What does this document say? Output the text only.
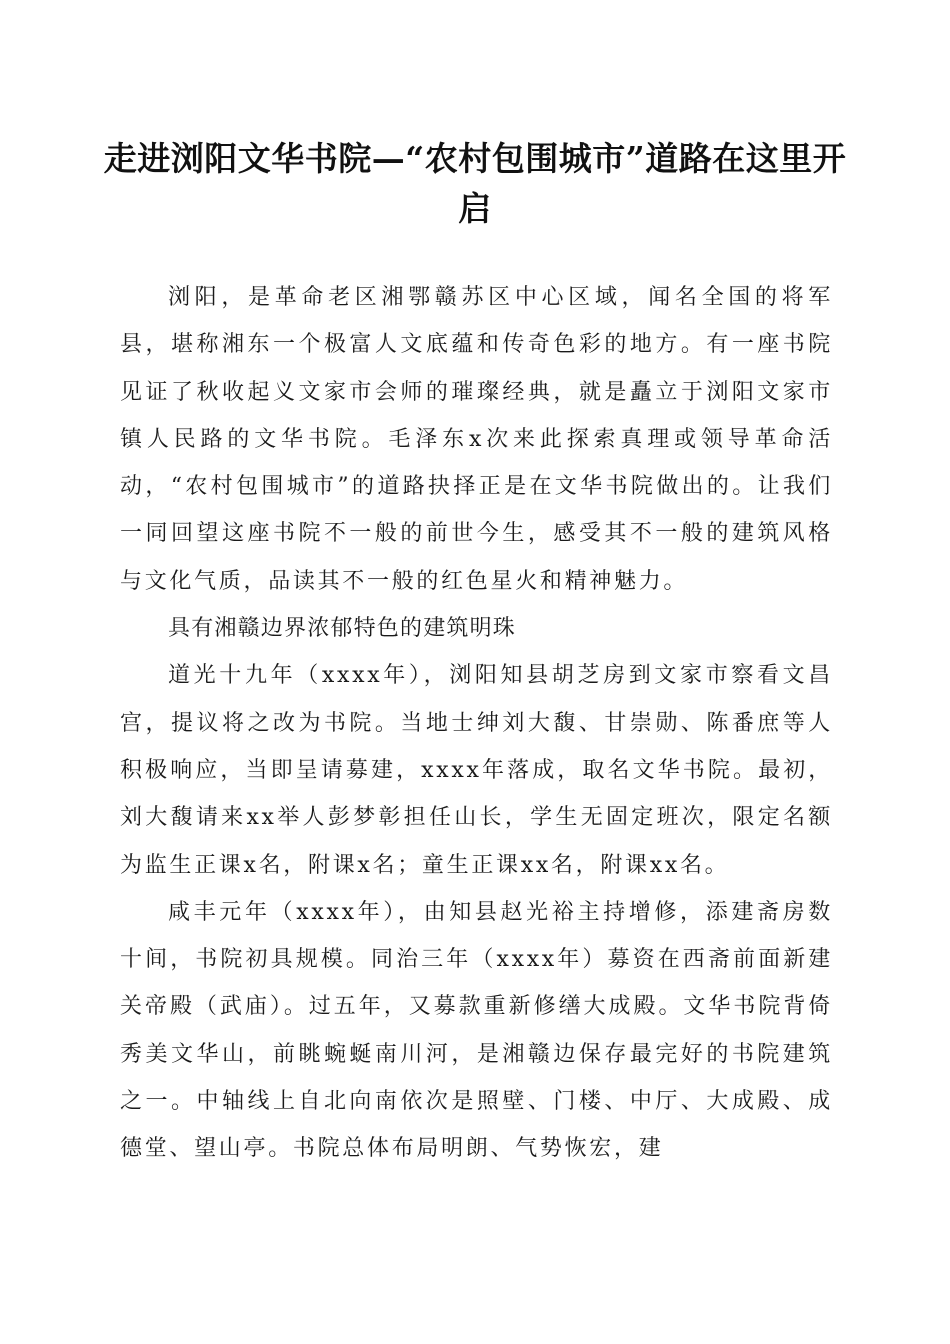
走进浏阳文华书院—“农村包围城市”道路在这里开启

浏阳，是革命老区湘鄂赣苏区中心区域，闻名全国的将军县，堪称湘东一个极富人文底蕴和传奇色彩的地方。有一座书院见证了秋收起义文家市会师的璀璨经典，就是矗立于浏阳文家市镇人民路的文华书院。毛泽东x次来此探索真理或领导革命活动，“农村包围城市”的道路抉择正是在文华书院做出的。让我们一同回望这座书院不一般的前世今生，感受其不一般的建筑风格与文化气质，品读其不一般的红色星火和精神魅力。

具有湘赣边界浓郁特色的建筑明珠

道光十九年（xxxx年），浏阳知县胡芝房到文家市察看文昌宫，提议将之改为书院。当地士绅刘大馥、甘崇勋、陈番庶等人积极响应，当即呈请募建，xxxx年落成，取名文华书院。最初，刘大馥请来xx举人彭梦彰担任山长，学生无固定班次，限定名额为监生正课x名，附课x名；童生正课xx名，附课xx名。

咸丰元年（xxxx年），由知县赵光裕主持增修，添建斋房数十间，书院初具规模。同治三年（xxxx年）募资在西斋前面新建关帝殿（武庙）。过五年，又募款重新修缮大成殿。文华书院背倚秀美文华山，前眺蜿蜒南川河，是湘赣边保存最完好的书院建筑之一。中轴线上自北向南依次是照壁、门楼、中厅、大成殿、成德堂、望山亭。书院总体布局明朗、气势恢宏，建
